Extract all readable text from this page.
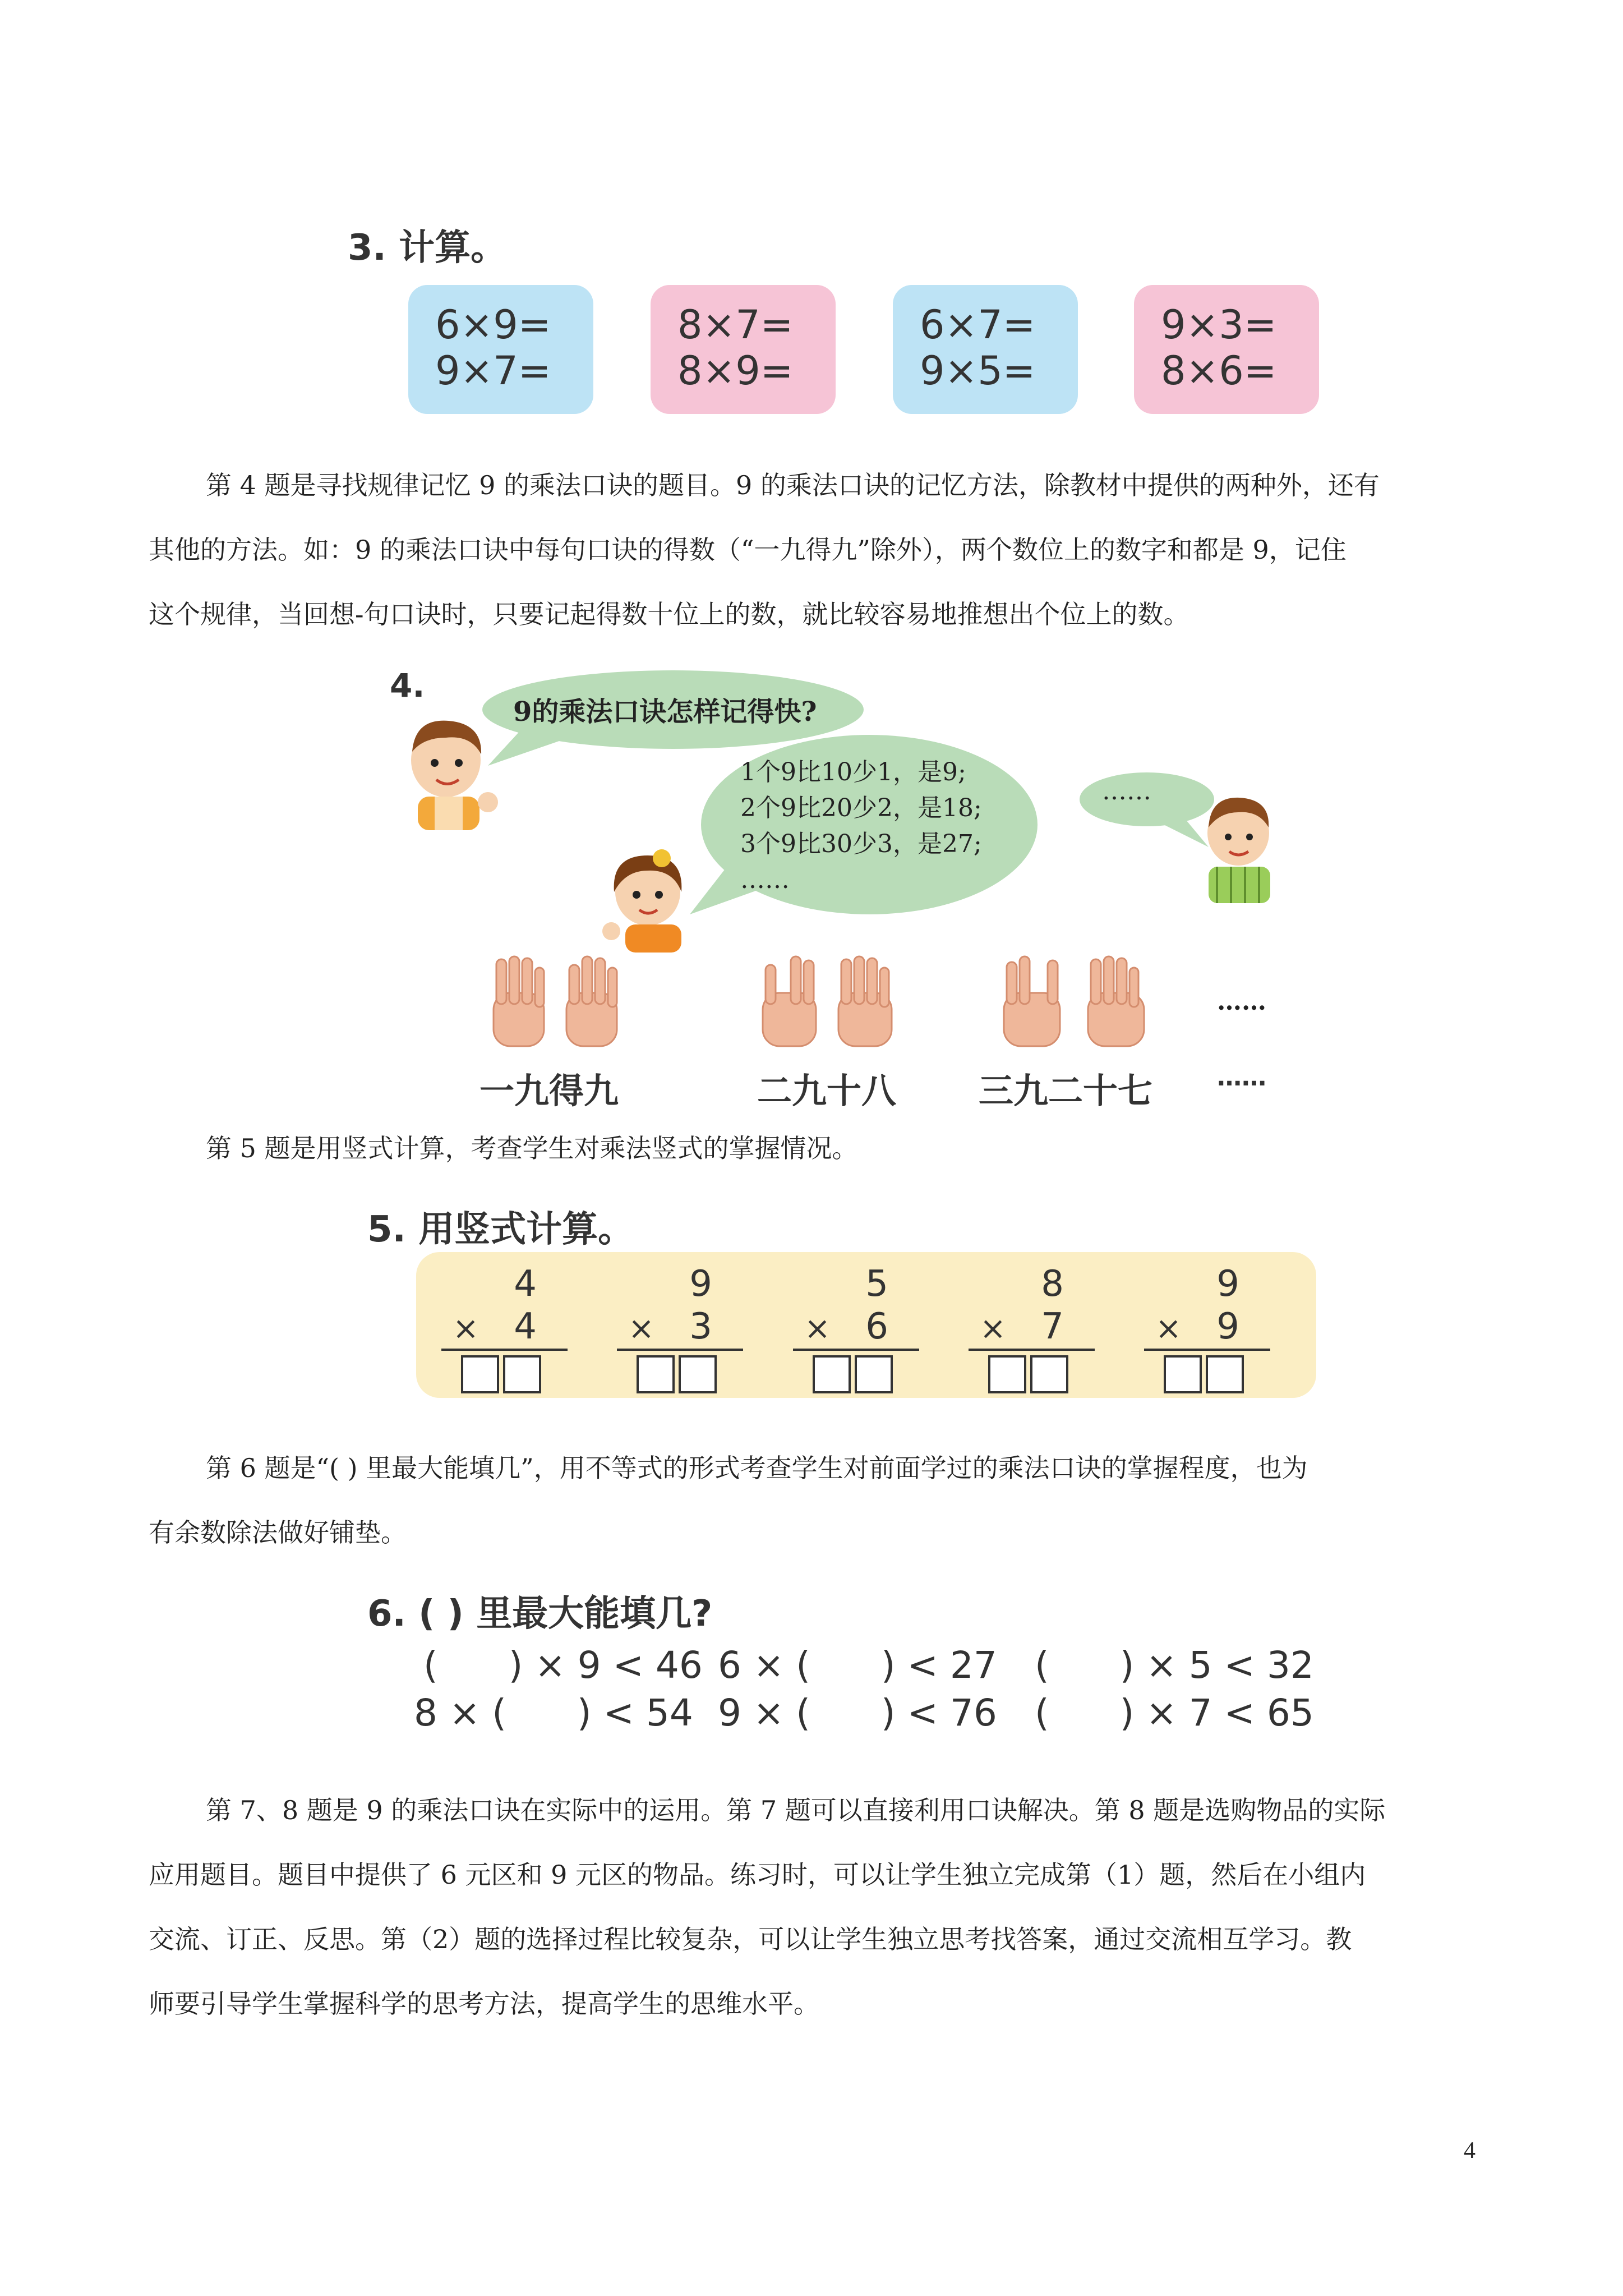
3. 计算。
6×9=
9×7=
8×7=
8×9=
6×7=
9×5=
9×3=
8×6=

第 4 题是寻找规律记忆 9 的乘法口诀的题目。9 的乘法口诀的记忆方法，除教材中提供的两种外，还有

其他的方法。如：9 的乘法口诀中每句口诀的得数（“一九得九”除外），两个数位上的数字和都是 9，记住

这个规律，当回想-句口诀时，只要记起得数十位上的数，就比较容易地推想出个位上的数。

4.
9的乘法口诀怎样记得快?
1个9比10少1，是9;
2个9比20少2，是18;
3个9比30少3，是27;
……
……
……
一九得九	二九十八 三九二十七	……

第 5 题是用竖式计算，考查学生对乘法竖式的掌握情况。

5. 用竖式计算。
4
× 4
9
× 3
5
× 6
8
× 7
9
× 9

第 6 题是“( ) 里最大能填几”，用不等式的形式考查学生对前面学过的乘法口诀的掌握程度，也为

有余数除法做好铺垫。

6. ( ) 里最大能填几?
(      ) × 9 < 46 6 × (      ) < 27 (      ) × 5 < 32
8 × (      ) < 54 9 × (      ) < 76 (      ) × 7 < 65

第 7、8 题是 9 的乘法口诀在实际中的运用。第 7 题可以直接利用口诀解决。第 8 题是选购物品的实际

应用题目。题目中提供了 6 元区和 9 元区的物品。练习时，可以让学生独立完成第（1）题，然后在小组内

交流、订正、反思。第（2）题的选择过程比较复杂，可以让学生独立思考找答案，通过交流相互学习。教

师要引导学生掌握科学的思考方法，提高学生的思维水平。

4
